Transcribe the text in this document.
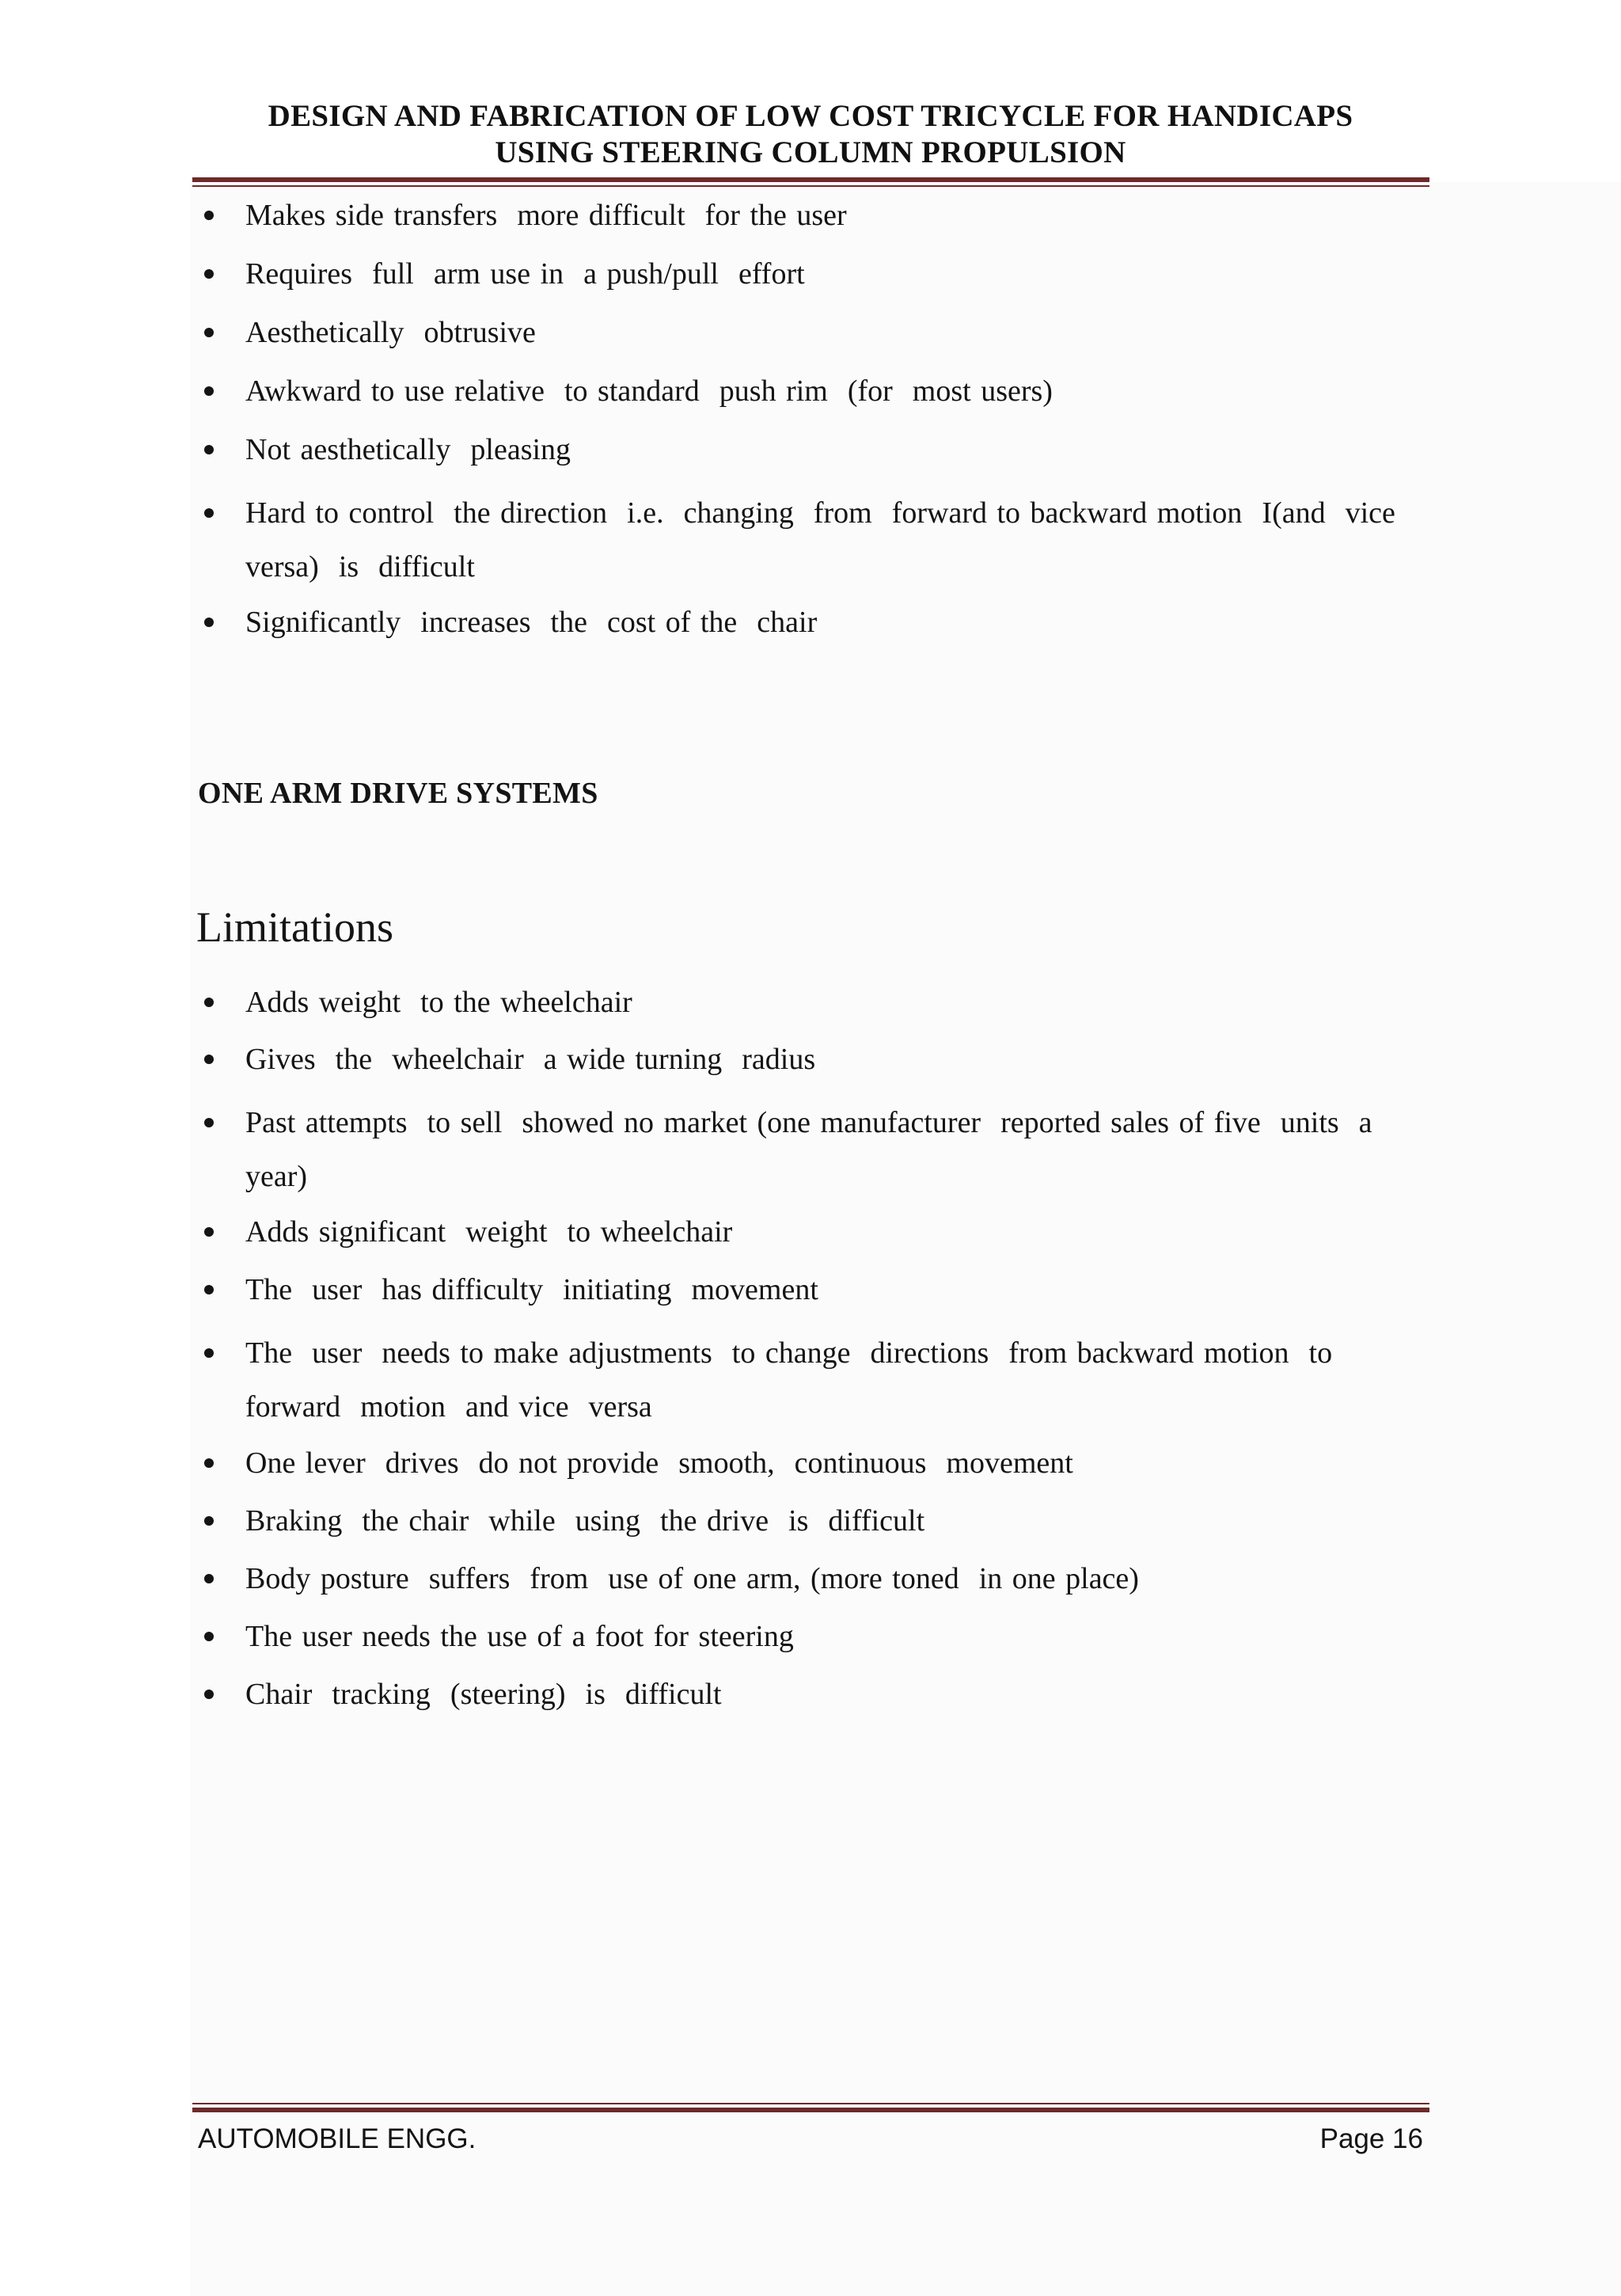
DESIGN AND FABRICATION OF LOW COST TRICYCLE FOR HANDICAPS
USING STEERING COLUMN PROPULSION
Makes side transfers  more difficult  for the user
Requires  full  arm use in  a push/pull  effort
Aesthetically  obtrusive
Awkward to use relative  to standard  push rim  (for  most users)
Not aesthetically  pleasing
Hard to control  the direction  i.e.  changing  from  forward to backward motion  I(and  vice versa)  is  difficult
Significantly  increases  the  cost of the  chair
ONE ARM DRIVE SYSTEMS
Limitations
Adds weight  to the wheelchair
Gives  the  wheelchair  a wide turning  radius
Past attempts  to sell  showed no market (one manufacturer  reported sales of five  units  a year)
Adds significant  weight  to wheelchair
The  user  has difficulty  initiating  movement
The  user  needs to make adjustments  to change  directions  from backward motion  to forward  motion  and vice  versa
One lever  drives  do not provide  smooth,  continuous  movement
Braking  the chair  while  using  the drive  is  difficult
Body posture  suffers  from  use of one arm, (more toned  in one place)
The user needs the use of a foot for steering
Chair  tracking  (steering)  is  difficult
AUTOMOBILE ENGG.	Page 16
